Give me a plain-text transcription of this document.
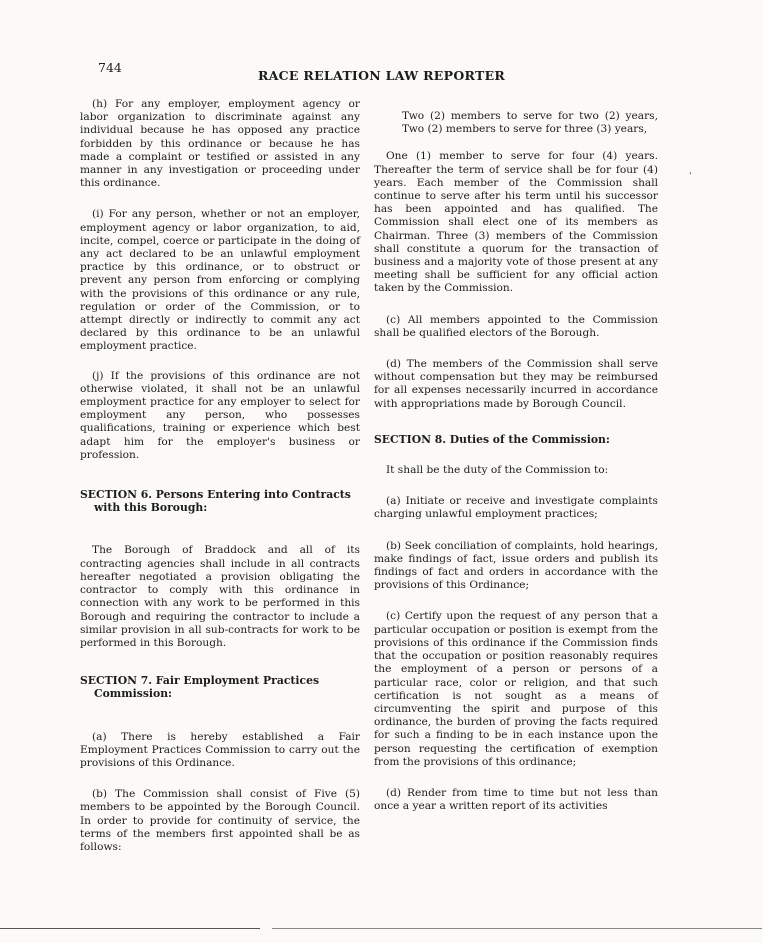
744
RACE RELATION LAW REPORTER

(h) For any employer, employment agency or labor organization to discriminate against any individual because he has opposed any practice forbidden by this ordinance or because he has made a complaint or testified or assisted in any manner in any investigation or proceeding under this ordinance.

(i) For any person, whether or not an employer, employment agency or labor organization, to aid, incite, compel, coerce or participate in the doing of any act declared to be an unlawful employment practice by this ordinance, or to obstruct or prevent any person from enforcing or complying with the provisions of this ordinance or any rule, regulation or order of the Commission, or to attempt directly or indirectly to commit any act declared by this ordinance to be an unlawful employment practice.

(j) If the provisions of this ordinance are not otherwise violated, it shall not be an unlawful employment practice for any employer to select for employment any person, who possesses qualifications, training or experience which best adapt him for the employer's business or profession.

SECTION 6. Persons Entering into Contracts
with this Borough:

The Borough of Braddock and all of its contracting agencies shall include in all contracts hereafter negotiated a provision obligating the contractor to comply with this ordinance in connection with any work to be performed in this Borough and requiring the contractor to include a similar provision in all sub-contracts for work to be performed in this Borough.

SECTION 7. Fair Employment Practices
Commission:

(a) There is hereby established a Fair Employment Practices Commission to carry out the provisions of this Ordinance.

(b) The Commission shall consist of Five (5) members to be appointed by the Borough Council. In order to provide for continuity of service, the terms of the members first appointed shall be as follows:

Two (2) members to serve for two (2) years, Two (2) members to serve for three (3) years,

One (1) member to serve for four (4) years. Thereafter the term of service shall be for four (4) years. Each member of the Commission shall continue to serve after his term until his successor has been appointed and has qualified. The Commission shall elect one of its members as Chairman. Three (3) members of the Commission shall constitute a quorum for the transaction of business and a majority vote of those present at any meeting shall be sufficient for any official action taken by the Commission.

(c) All members appointed to the Commission shall be qualified electors of the Borough.

(d) The members of the Commission shall serve without compensation but they may be reimbursed for all expenses necessarily incurred in accordance with appropriations made by Borough Council.

SECTION 8. Duties of the Commission:

It shall be the duty of the Commission to:

(a) Initiate or receive and investigate complaints charging unlawful employment practices;

(b) Seek conciliation of complaints, hold hearings, make findings of fact, issue orders and publish its findings of fact and orders in accordance with the provisions of this Ordinance;

(c) Certify upon the request of any person that a particular occupation or position is exempt from the provisions of this ordinance if the Commission finds that the occupation or position reasonably requires the employment of a person or persons of a particular race, color or religion, and that such certification is not sought as a means of circumventing the spirit and purpose of this ordinance, the burden of proving the facts required for such a finding to be in each instance upon the person requesting the certification of exemption from the provisions of this ordinance;

(d) Render from time to time but not less than once a year a written report of its activities

'
